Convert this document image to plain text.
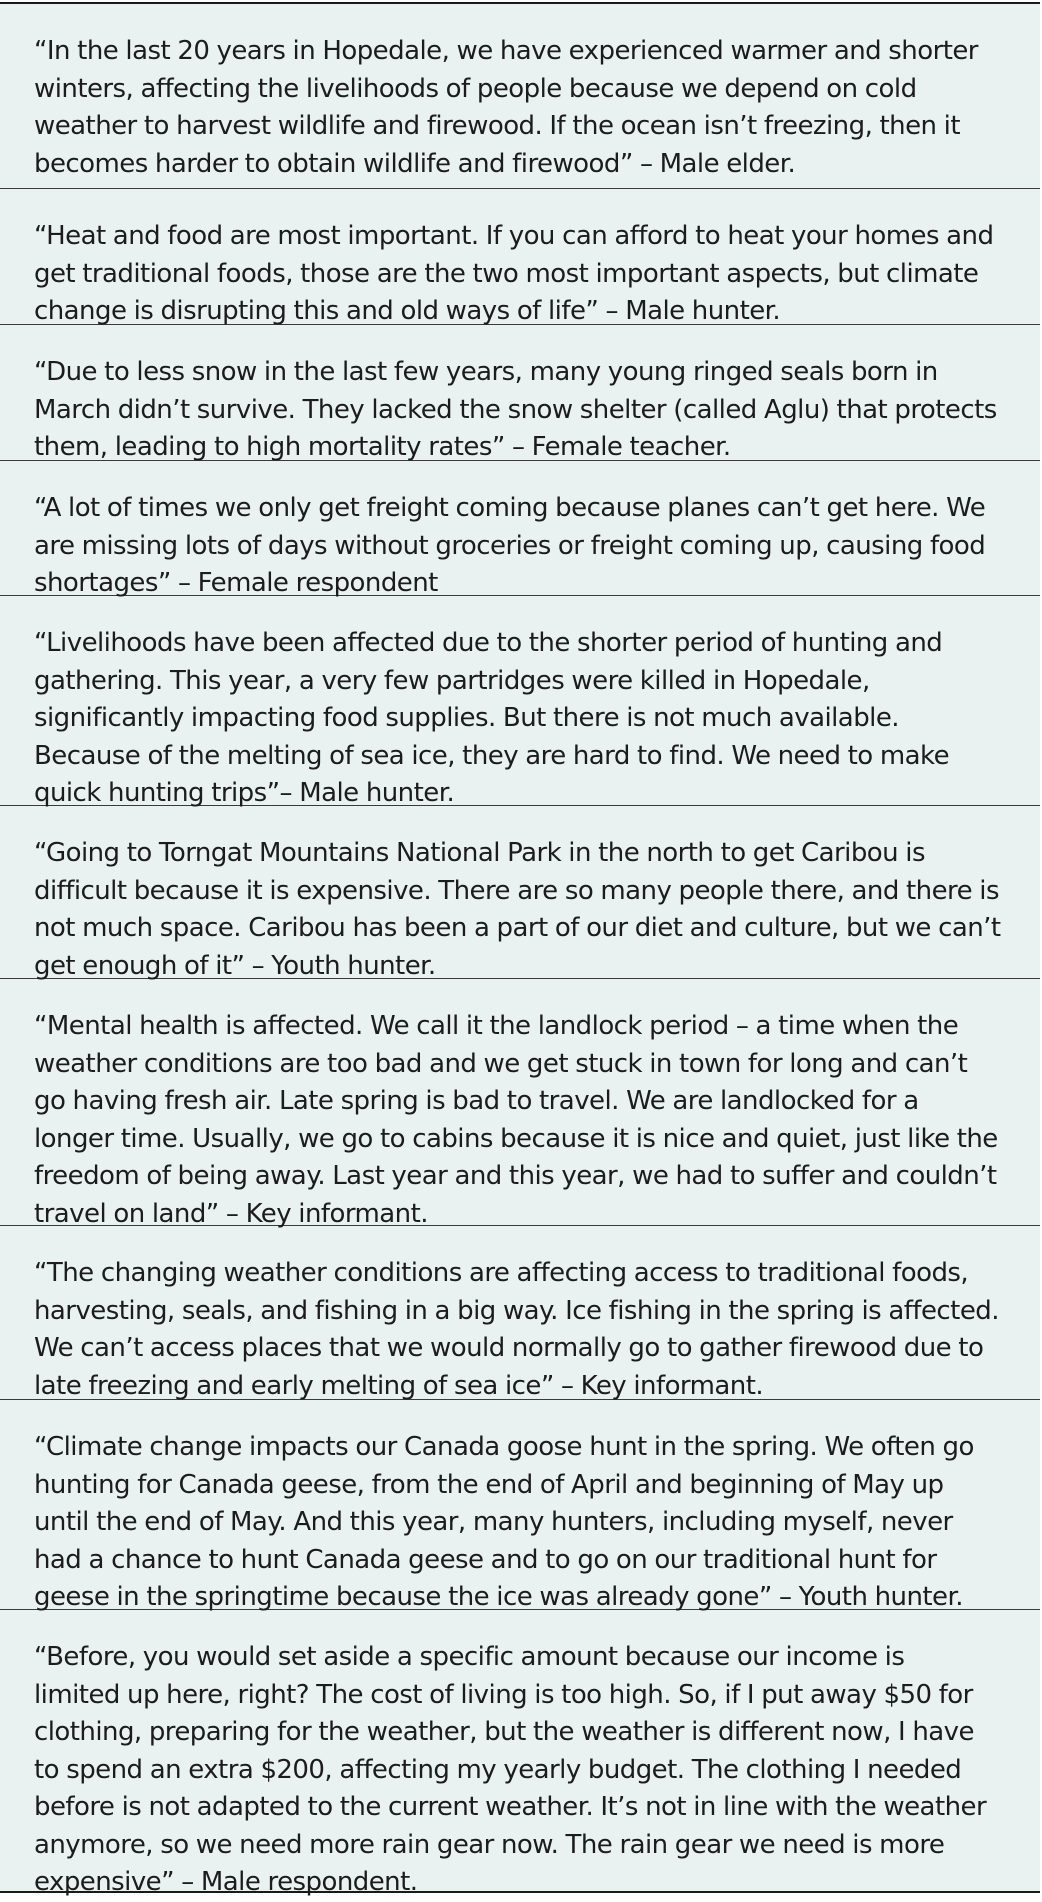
“In the last 20 years in Hopedale, we have experienced warmer and shorter
winters, affecting the livelihoods of people because we depend on cold
weather to harvest wildlife and firewood. If the ocean isn’t freezing, then it
becomes harder to obtain wildlife and firewood” – Male elder.
“Heat and food are most important. If you can afford to heat your homes and
get traditional foods, those are the two most important aspects, but climate
change is disrupting this and old ways of life” – Male hunter.
“Due to less snow in the last few years, many young ringed seals born in
March didn’t survive. They lacked the snow shelter (called Aglu) that protects
them, leading to high mortality rates” – Female teacher.
“A lot of times we only get freight coming because planes can’t get here. We
are missing lots of days without groceries or freight coming up, causing food
shortages” – Female respondent
“Livelihoods have been affected due to the shorter period of hunting and
gathering. This year, a very few partridges were killed in Hopedale,
significantly impacting food supplies. But there is not much available.
Because of the melting of sea ice, they are hard to find. We need to make
quick hunting trips”– Male hunter.
“Going to Torngat Mountains National Park in the north to get Caribou is
difficult because it is expensive. There are so many people there, and there is
not much space. Caribou has been a part of our diet and culture, but we can’t
get enough of it” – Youth hunter.
“Mental health is affected. We call it the landlock period – a time when the
weather conditions are too bad and we get stuck in town for long and can’t
go having fresh air. Late spring is bad to travel. We are landlocked for a
longer time. Usually, we go to cabins because it is nice and quiet, just like the
freedom of being away. Last year and this year, we had to suffer and couldn’t
travel on land” – Key informant.
“The changing weather conditions are affecting access to traditional foods,
harvesting, seals, and fishing in a big way. Ice fishing in the spring is affected.
We can’t access places that we would normally go to gather firewood due to
late freezing and early melting of sea ice” – Key informant.
“Climate change impacts our Canada goose hunt in the spring. We often go
hunting for Canada geese, from the end of April and beginning of May up
until the end of May. And this year, many hunters, including myself, never
had a chance to hunt Canada geese and to go on our traditional hunt for
geese in the springtime because the ice was already gone” – Youth hunter.
“Before, you would set aside a specific amount because our income is
limited up here, right? The cost of living is too high. So, if I put away $50 for
clothing, preparing for the weather, but the weather is different now, I have
to spend an extra $200, affecting my yearly budget. The clothing I needed
before is not adapted to the current weather. It’s not in line with the weather
anymore, so we need more rain gear now. The rain gear we need is more
expensive” – Male respondent.
